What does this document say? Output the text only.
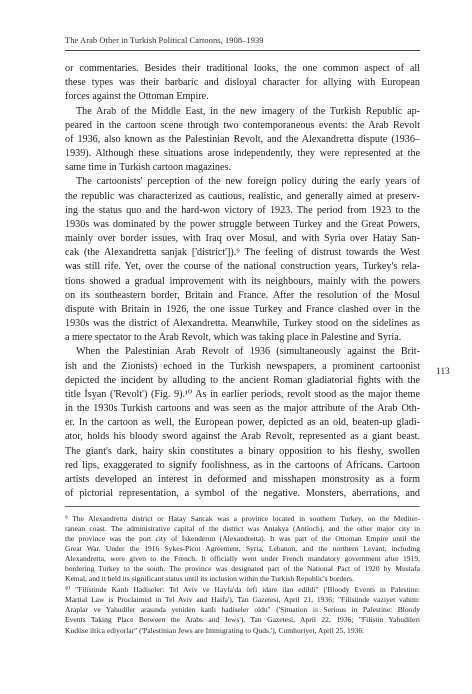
The Arab Other in Turkish Political Cartoons, 1908–1939
or commentaries. Besides their traditional looks, the one common aspect of all
these types was their barbaric and disloyal character for allying with European
forces against the Ottoman Empire.
The Arab of the Middle East, in the new imagery of the Turkish Republic ap-
peared in the cartoon scene through two contemporaneous events: the Arab Revolt
of 1936, also known as the Palestinian Revolt, and the Alexandretta dispute (1936–
1939). Although these situations arose independently, they were represented at the
same time in Turkish cartoon magazines.
The cartoonists' perception of the new foreign policy during the early years of
the republic was characterized as cautious, realistic, and generally aimed at preserv-
ing the status quo and the hard-won victory of 1923. The period from 1923 to the
1930s was dominated by the power struggle between Turkey and the Great Powers,
mainly over border issues, with Iraq over Mosul, and with Syria over Hatay San-
cak (the Alexandretta sanjak ['district']).⁹ The feeling of distrust towards the West
was still rife. Yet, over the course of the national construction years, Turkey's rela-
tions showed a gradual improvement with its neighbours, mainly with the powers
on its southeastern border, Britain and France. After the resolution of the Mosul
dispute with Britain in 1926, the one issue Turkey and France clashed over in the
1930s was the district of Alexandretta. Meanwhile, Turkey stood on the sidelines as
a mere spectator to the Arab Revolt, which was taking place in Palestine and Syria.
When the Palestinian Arab Revolt of 1936 (simultaneously against the Brit-
ish and the Zionists) echoed in the Turkish newspapers, a prominent cartoonist
depicted the incident by alluding to the ancient Roman gladiatorial fights with the
title İsyan ('Revolt') (Fig. 9).¹⁰ As in earlier periods, revolt stood as the major theme
in the 1930s Turkish cartoons and was seen as the major attribute of the Arab Oth-
er. In the cartoon as well, the European power, depicted as an old, beaten-up gladi-
ator, holds his bloody sword against the Arab Revolt, represented as a giant beast.
The giant's dark, hairy skin constitutes a binary opposition to his fleshy, swollen
red lips, exaggerated to signify foolishness, as in the cartoons of Africans. Cartoon
artists developed an interest in deformed and misshapen monstrosity as a form
of pictorial representation, a symbol of the negative. Monsters, aberrations, and
113
⁹ The Alexandretta district or Hatay Sancak was a province located in southern Turkey, on the Mediter-
ranean coast. The administrative capital of the district was Antakya (Antioch), and the other major city in
the province was the port city of İskenderun (Alexandretta). It was part of the Ottoman Empire until the
Great War. Under the 1916 Sykes-Picot Agreement, Syria, Lebanon, and the northern Levant, including
Alexandretta, were given to the French. It officially went under French mandatory government after 1919,
bordering Turkey to the south. The province was designated part of the National Pact of 1920 by Mustafa
Kemal, and it held its significant status until its inclusion within the Turkish Republic's borders.
¹⁰ "Filistinde Kanlı Hadiseler: Tel Aviv ve Hayfa'da örfi idare ilan edildi" ('Bloody Events in Palestine:
Martial Law is Proclaimed in Tel Aviv and Haifa'), Tan Gazetesi, April 21, 1936; "Filistinde vaziyet vahim:
Araplar ve Yahudiler arasında yeniden kanlı hadiseler oldu" ('Situation is Serious in Palestine: Bloody
Events Taking Place Between the Arabs and Jews'), Tan Gazetesi, April 22, 1936; "Filistin Yahudileri
Kudüse iltica ediyorlar" ('Palestinian Jews are Immigrating to Quds.'), Cumhuriyet, April 25, 1936.
